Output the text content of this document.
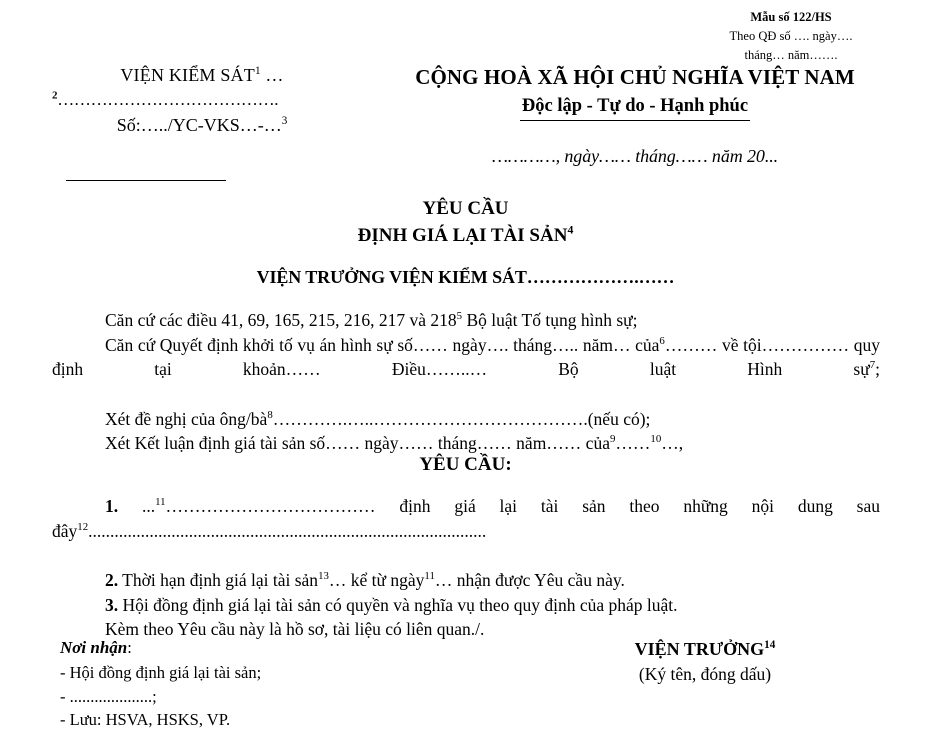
Mẫu số 122/HS
Theo QĐ số …. ngày….
tháng… năm…….
VIỆN KIỂM SÁT$^1$ …
$^2$………………………………….
Số:…../YC-VKS…-…$^3$
CỘNG HOÀ XÃ HỘI CHỦ NGHĨA VIỆT NAM
Độc lập - Tự do - Hạnh phúc
…………, ngày…… tháng…… năm 20...
YÊU CẦU
ĐỊNH GIÁ LẠI TÀI SẢN$^4$
VIỆN TRƯỞNG VIỆN KIỂM SÁT……………….……
Căn cứ các điều 41, 69, 165, 215, 216, 217 và $218^5$ Bộ luật Tố tụng hình sự;
Căn cứ Quyết định khởi tố vụ án hình sự số…… ngày…. tháng….. năm… của$^6$……… về tội…………… quy định tại khoản…… Điều……..… Bộ luật Hình sự$^7$;
Xét đề nghị của ông/$bà^8\dots\dots\dots\dots.\dots..\dots\dots\dots\dots\dots\dots\dots\dots\dots\dots\dots\dots.(nếu$ có);
Xét Kết luận định giá tài sản số…… ngày…… tháng…… năm…… của$^9$……$^{10}$…,
YÊU CẦU:
1. ...$^{11}$……………………………… định giá lại tài sản theo những nội dung sau đây$^{12}$...........................................................................................
2. Thời hạn định giá lại tài sản$^{13}$… kể từ ngày$^{11}$… nhận được Yêu cầu này.
3. Hội đồng định giá lại tài sản có quyền và nghĩa vụ theo quy định của pháp luật.
Kèm theo Yêu cầu này là hồ sơ, tài liệu có liên quan./.
Nơi nhận:
- Hội đồng định giá lại tài sản;
- ....................;
- Lưu: HSVA, HSKS, VP.
VIỆN TRƯỞNG$^{14}$
(Ký tên, đóng dấu)
